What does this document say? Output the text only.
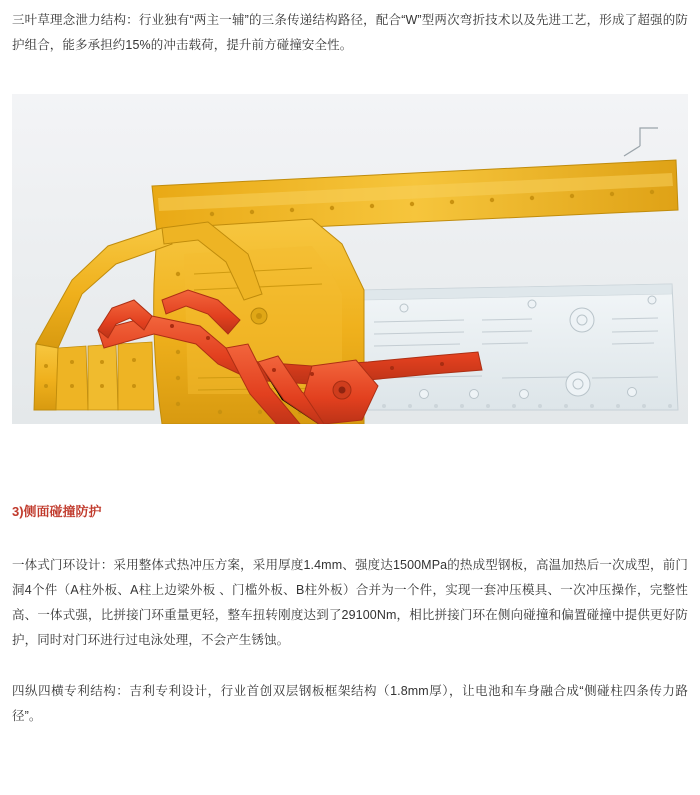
三叶草理念泄力结构：行业独有“两主一辅”的三条传递结构路径，配合“W”型两次弯折技术以及先进工艺，形成了超强的防护组合，能多承担约15%的冲击载荷，提升前方碰撞安全性。

3)侧面碰撞防护

一体式门环设计：采用整体式热冲压方案，采用厚度1.4mm、强度达1500MPa的热成型钢板，高温加热后一次成型，前门洞4个件（A柱外板、A柱上边梁外板 、门槛外板、B柱外板）合并为一个件，实现一套冲压模具、一次冲压操作，完整性高、一体式强，比拼接门环重量更轻，整车扭转刚度达到了29100Nm，相比拼接门环在侧向碰撞和偏置碰撞中提供更好防护，同时对门环进行过电泳处理，不会产生锈蚀。

四纵四横专利结构：吉利专利设计，行业首创双层钢板框架结构（1.8mm厚），让电池和车身融合成“侧碰柱四条传力路径”。
